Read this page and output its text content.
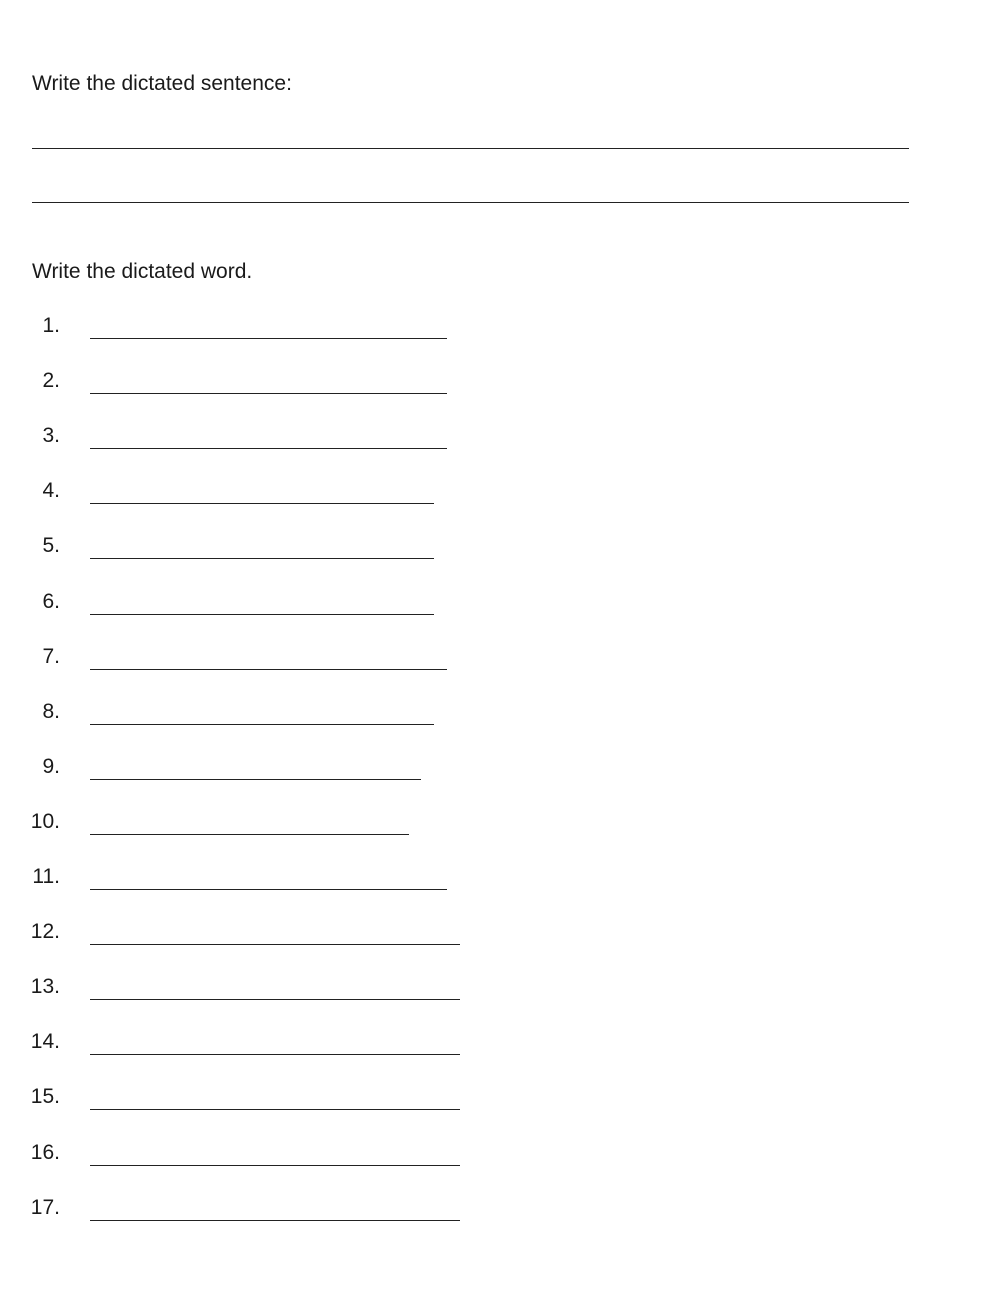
Write the dictated sentence:
Write the dictated word.
1.
2.
3.
4.
5.
6.
7.
8.
9.
10.
11.
12.
13.
14.
15.
16.
17.
